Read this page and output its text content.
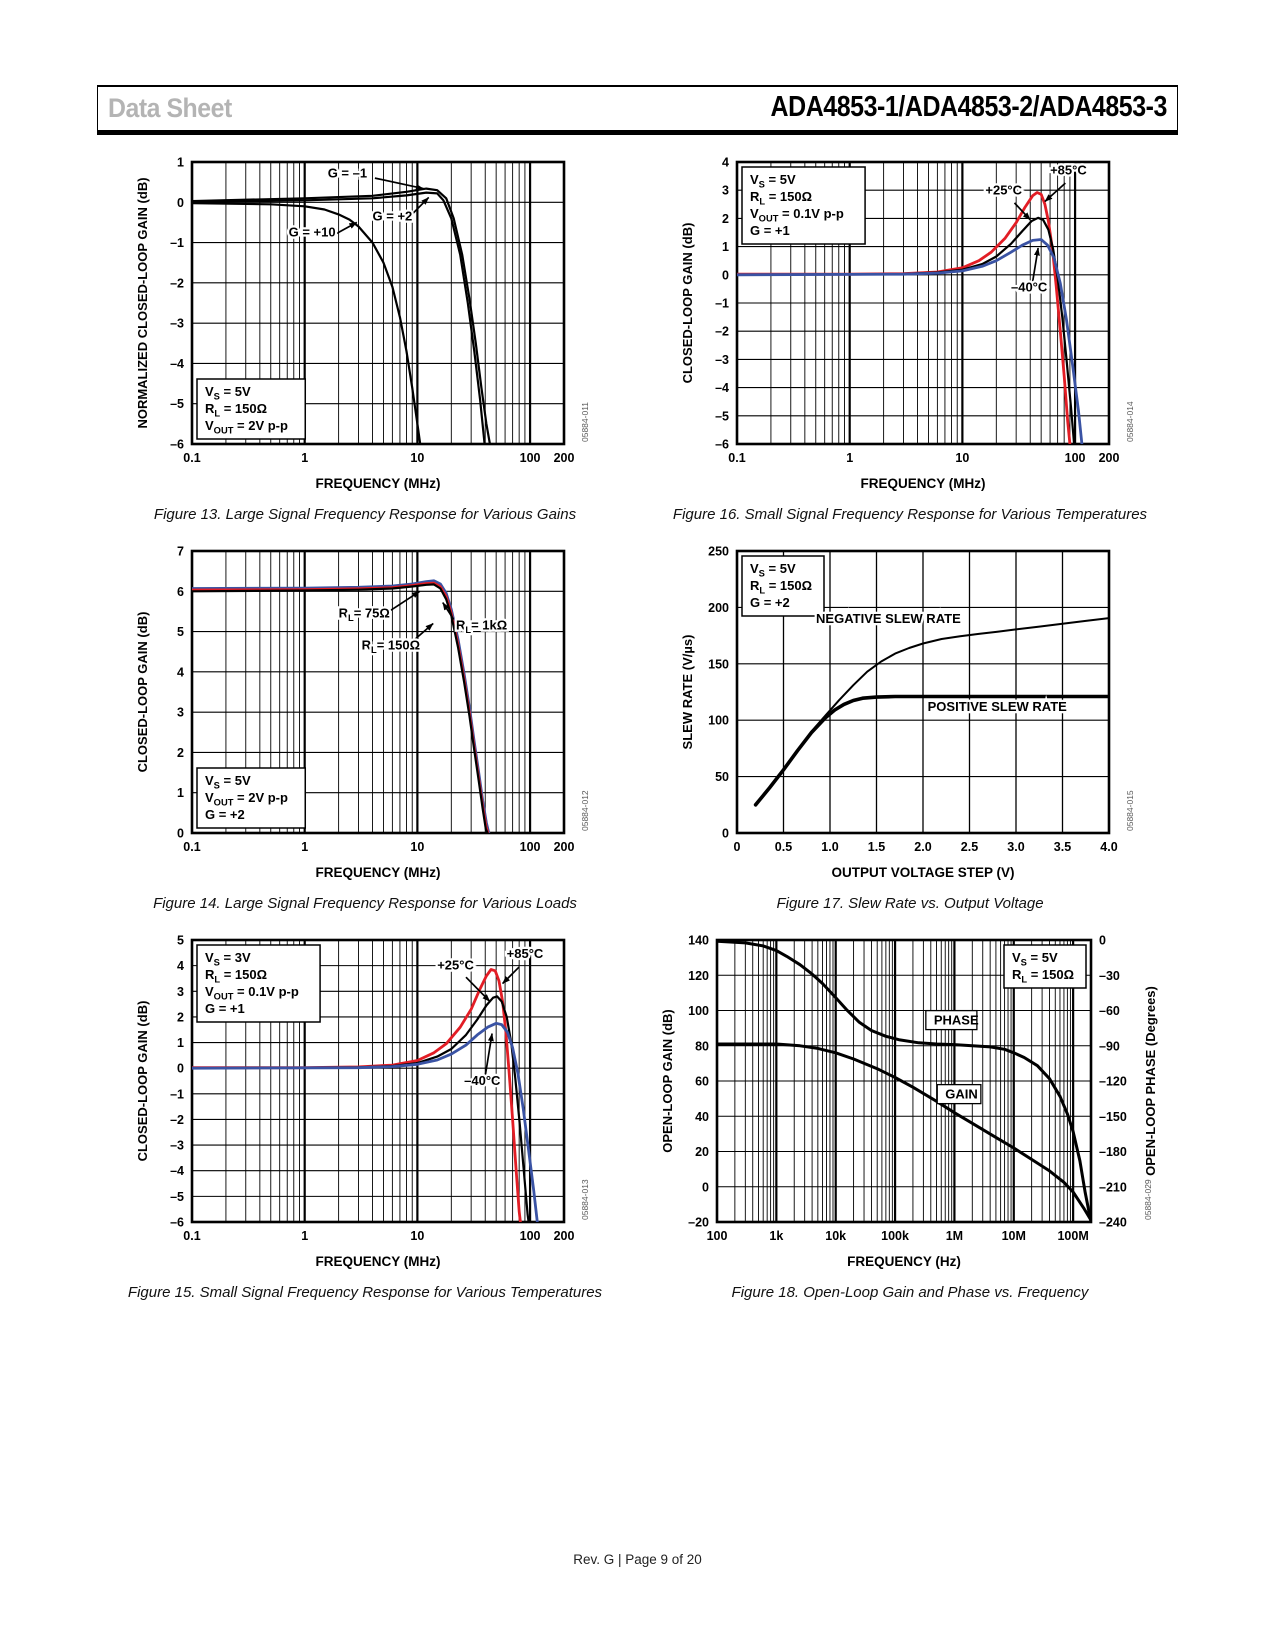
Data Sheet	ADA4853-1/ADA4853-2/ADA4853-3
0.1	1	10	100 200
–6
–5
–4
–3
–2
–1
0
1
FREQUENCY (MHz)
NORMALIZED CLOSED-LOOP GAIN (dB)	$V_S = 5V$
$R_L = 150\Omega$
$V_{OUT} = 2V$ p-p
G = –1
G = +2
G = +10
05884-011
Figure 13. Large Signal Frequency Response for Various Gains
0.1	1	10	100 200
–6
–5
–4
–3
–2
–1
0
1
2
3
4
FREQUENCY (MHz)
CLOSED-LOOP GAIN (dB)
$V_S = 5V$
$R_L = 150\Omega$
$V_{OUT} = 0.1V$ p-p
G = +1
+85°C
+25°C
–40°C
05884-014
Figure 16. Small Signal Frequency Response for Various Temperatures
0.1	1	10	100 200
0
1
2
3
4
5
6
7
FREQUENCY (MHz)
CLOSED-LOOP GAIN (dB)
$V_S = 5V$
$V_{OUT} = 2V$ p-p
G = +2
$R_L= 75\Omega$
$R_L= 1k\Omega$
$R_L= 150\Omega$
05884-012
Figure 14. Large Signal Frequency Response for Various Loads
0	0.5 1.0 1.5 2.0 2.5 3.0 3.5 4.0
0
50
100
150
200
250
OUTPUT VOLTAGE STEP (V)
SLEW RATE (V/µs)
$V_S = 5V$
$R_L = 150\Omega$
G = +2
NEGATIVE SLEW RATE
POSITIVE SLEW RATE
05884-015
Figure 17. Slew Rate vs. Output Voltage
0.1	1	10	100 200
–6
–5
–4
–3
–2
–1
0
1
2
3
4
5
FREQUENCY (MHz)
CLOSED-LOOP GAIN (dB)
$V_S = 3V$
$R_L = 150\Omega$
$V_{OUT} = 0.1V$ p-p
G = +1
+85°C
+25°C
–40°C
05884-013
Figure 15. Small Signal Frequency Response for Various Temperatures
100	1k	10k	100k	1M	10M	100M
–20
0
20
40
60
80
100
120
140	0
–30
–60
–90
–120
–150
–180
–210
–240
FREQUENCY (Hz)
OPEN-LOOP GAIN (dB)	OPEN-LOOP PHASE (Degrees)
$V_S = 5V$
$R_L = 150\Omega$
PHASE
GAIN
05884-029
Figure 18. Open-Loop Gain and Phase vs. Frequency
Rev. G | Page 9 of 20
